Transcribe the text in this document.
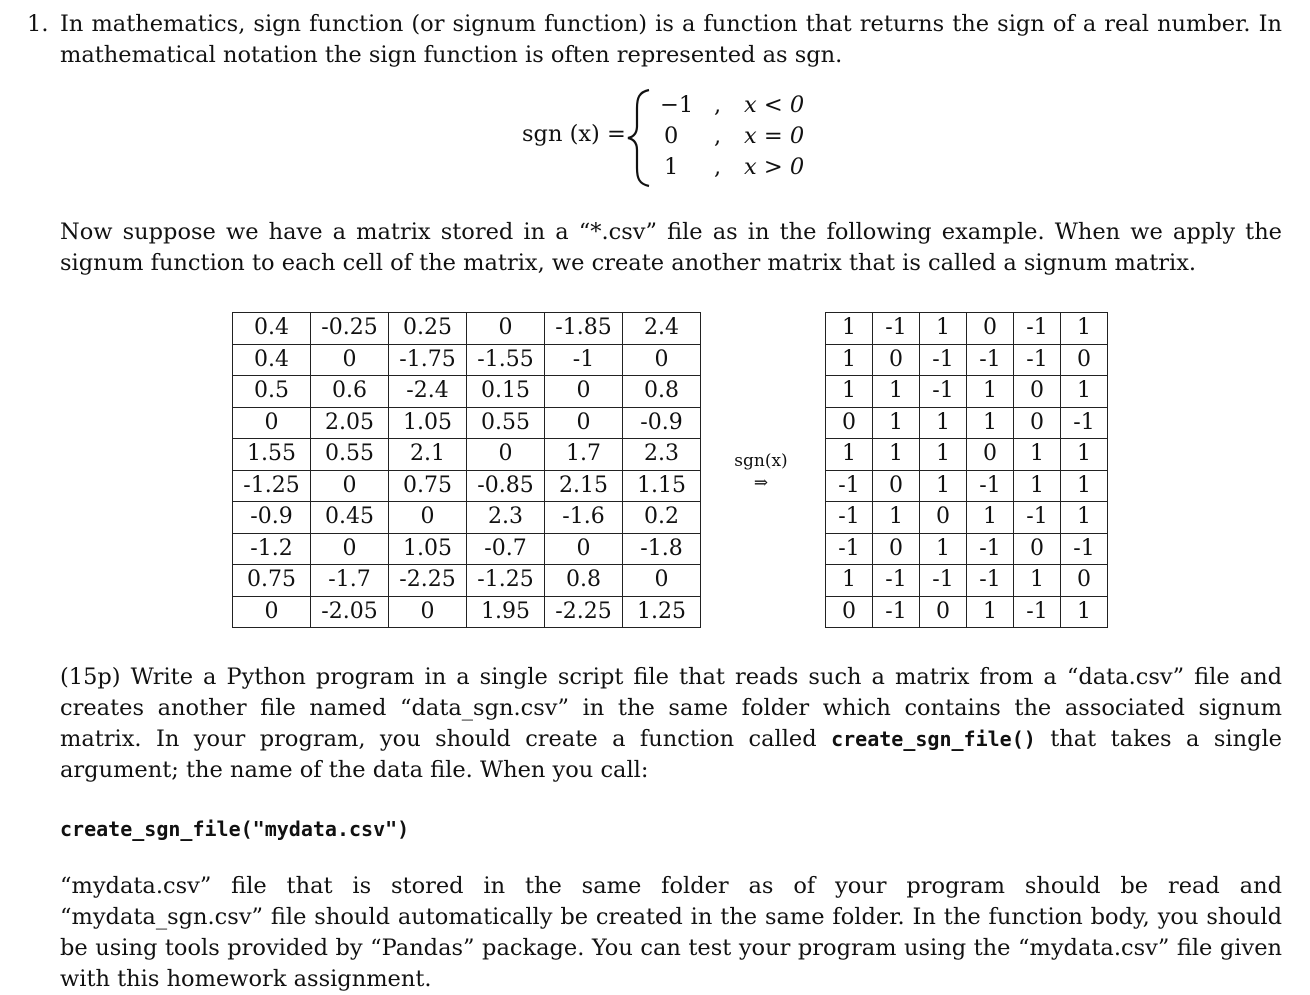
1. In mathematics, sign function (or signum function) is a function that returns the sign of a real number. In mathematical notation the sign function is often represented as sgn.

sgn (x) =
−1 , x < 0
0 , x = 0
1 , x > 0

Now suppose we have a matrix stored in a “*.csv” file as in the following example. When we apply the signum function to each cell of the matrix, we create another matrix that is called a signum matrix.

0.4	-0.25	0.25	0	-1.85	2.4
0.4	0	-1.75	-1.55	-1	0
0.5	0.6	-2.4	0.15	0	0.8
0	2.05	1.05	0.55	0	-0.9
1.55	0.55	2.1	0	1.7	2.3
-1.25	0	0.75	-0.85	2.15	1.15
-0.9	0.45	0	2.3	-1.6	0.2
-1.2	0	1.05	-0.7	0	-1.8
0.75	-1.7	-2.25	-1.25	0.8	0
0	-2.05	0	1.95	-2.25	1.25
sgn(x)
⇒
1	-1	1	0	-1	1
1	0	-1	-1	-1	0
1	1	-1	1	0	1
0	1	1	1	0	-1
1	1	1	0	1	1
-1	0	1	-1	1	1
-1	1	0	1	-1	1
-1	0	1	-1	0	-1
1	-1	-1	-1	1	0
0	-1	0	1	-1	1

(15p) Write a Python program in a single script file that reads such a matrix from a “data.csv” file and creates another file named “data_sgn.csv” in the same folder which contains the associated signum matrix. In your program, you should create a function called create_sgn_file() that takes a single argument; the name of the data file. When you call:

create_sgn_file("mydata.csv")

“mydata.csv” file that is stored in the same folder as of your program should be read and “mydata_sgn.csv” file should automatically be created in the same folder. In the function body, you should be using tools provided by “Pandas” package. You can test your program using the “mydata.csv” file given with this homework assignment.
